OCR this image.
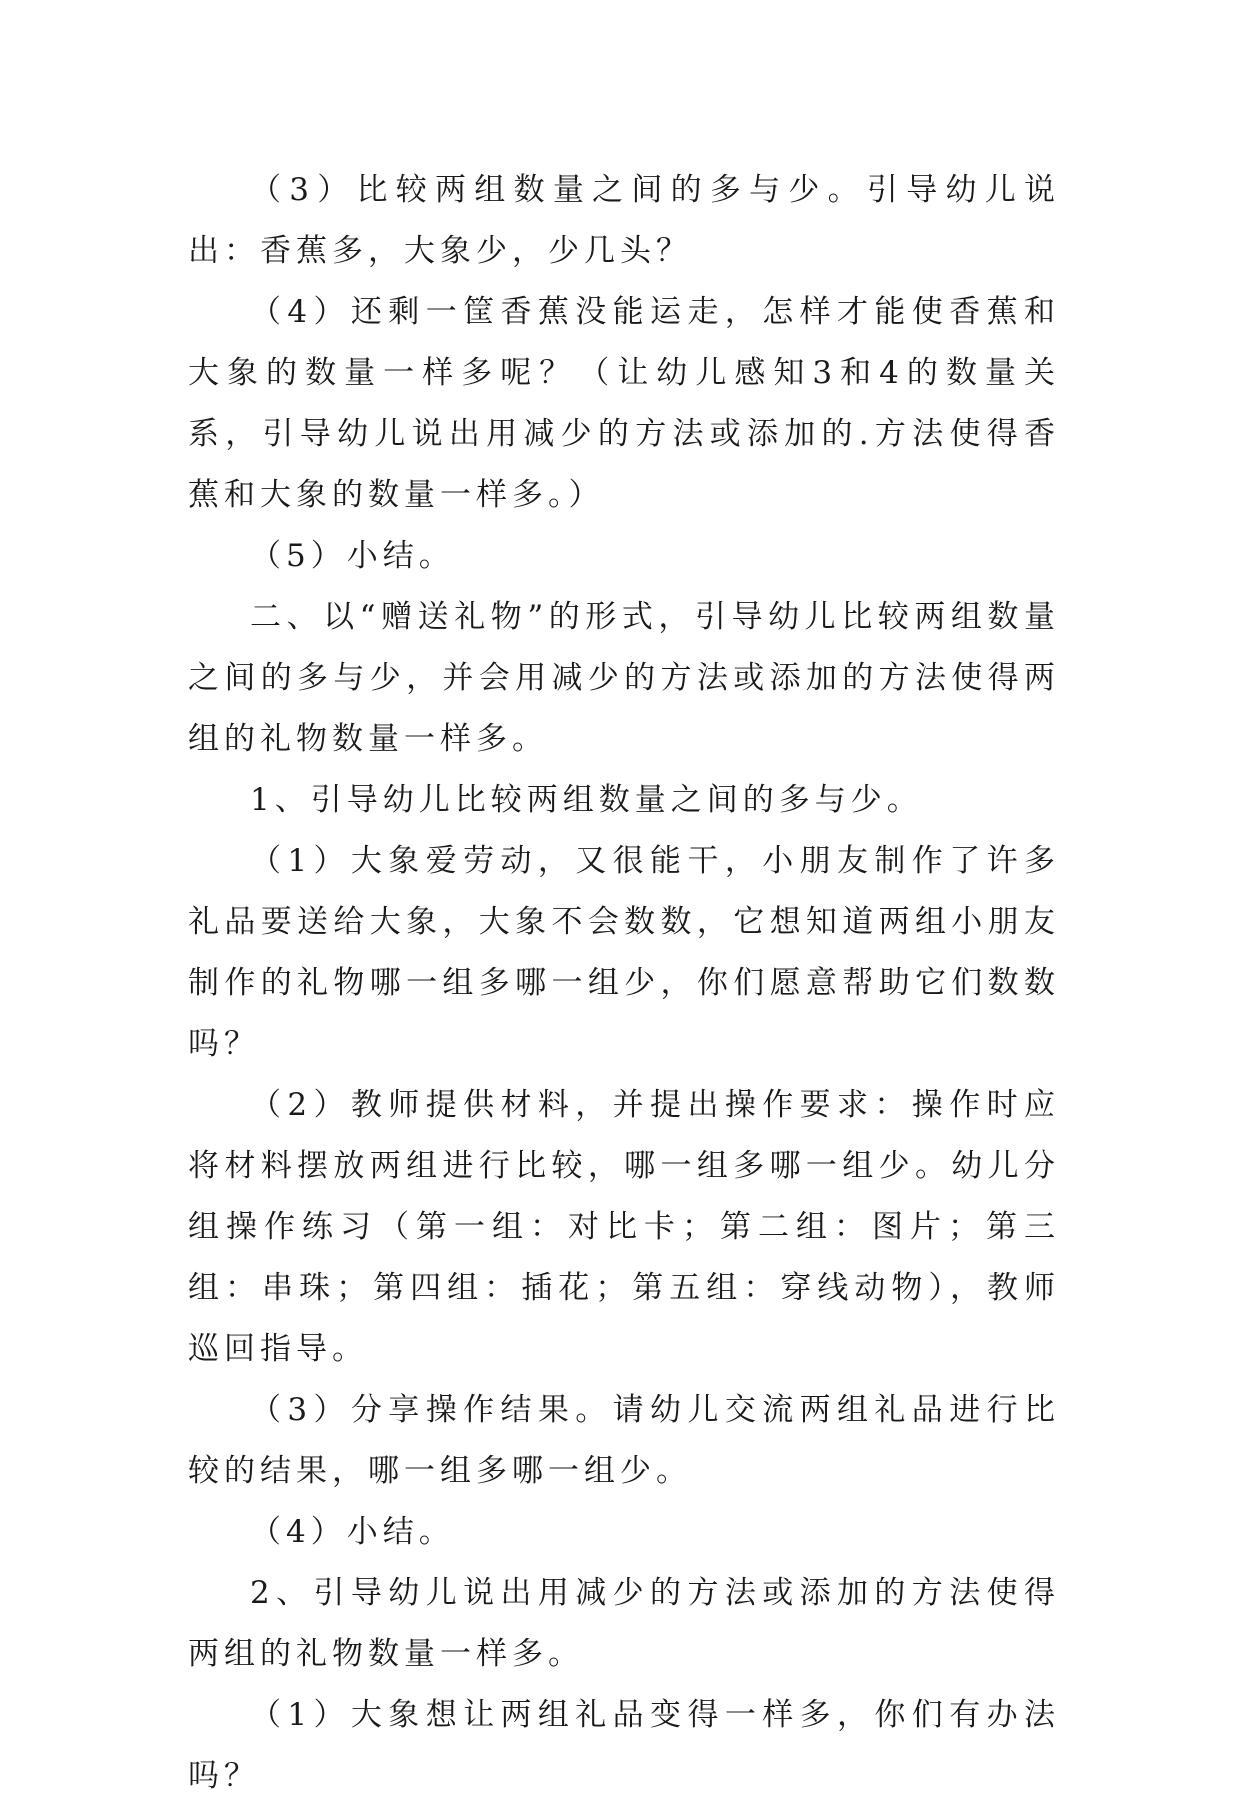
（3）比较两组数量之间的多与少。引导幼儿说出：香蕉多，大象少，少几头？

（4）还剩一筐香蕉没能运走，怎样才能使香蕉和大象的数量一样多呢？（让幼儿感知3和4的数量关系，引导幼儿说出用减少的方法或添加的.方法使得香蕉和大象的数量一样多。）

（5）小结。

二、以“赠送礼物”的形式，引导幼儿比较两组数量之间的多与少，并会用减少的方法或添加的方法使得两组的礼物数量一样多。

1、引导幼儿比较两组数量之间的多与少。

（1）大象爱劳动，又很能干，小朋友制作了许多礼品要送给大象，大象不会数数，它想知道两组小朋友制作的礼物哪一组多哪一组少，你们愿意帮助它们数数吗？

（2）教师提供材料，并提出操作要求：操作时应将材料摆放两组进行比较，哪一组多哪一组少。幼儿分组操作练习（第一组：对比卡；第二组：图片；第三组：串珠；第四组：插花；第五组：穿线动物），教师巡回指导。

（3）分享操作结果。请幼儿交流两组礼品进行比较的结果，哪一组多哪一组少。

（4）小结。

2、引导幼儿说出用减少的方法或添加的方法使得两组的礼物数量一样多。

（1）大象想让两组礼品变得一样多，你们有办法吗？
